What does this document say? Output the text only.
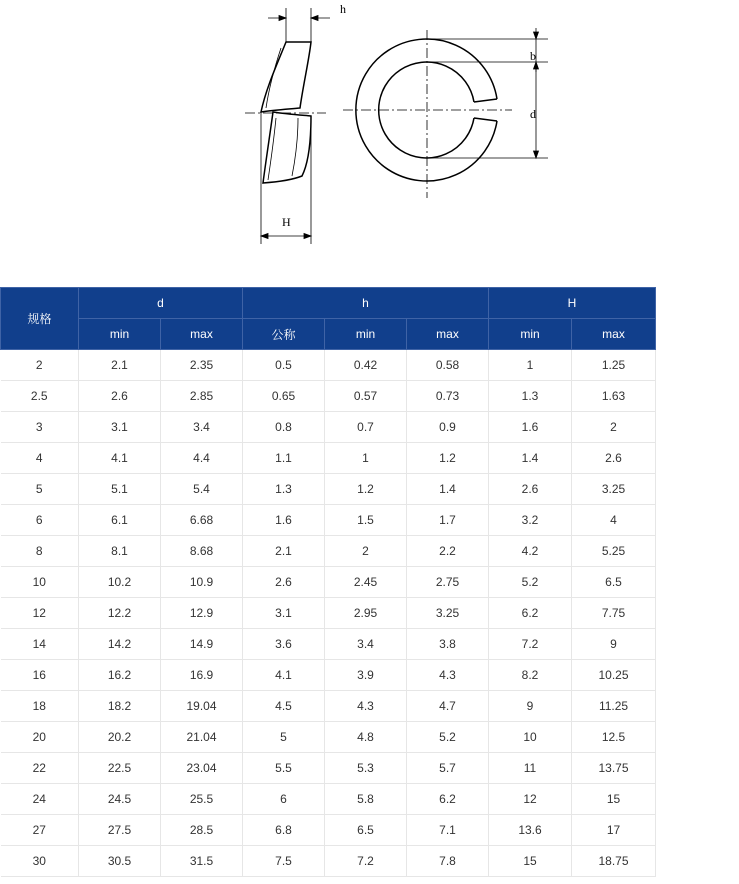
h
H
b
d
规格	d		h			H	
	min	max	公称	min	max	min	max
2	2.1	2.35	0.5	0.42	0.58	1	1.25
2.5	2.6	2.85	0.65	0.57	0.73	1.3	1.63
3	3.1	3.4	0.8	0.7	0.9	1.6	2
4	4.1	4.4	1.1	1	1.2	1.4	2.6
5	5.1	5.4	1.3	1.2	1.4	2.6	3.25
6	6.1	6.68	1.6	1.5	1.7	3.2	4
8	8.1	8.68	2.1	2	2.2	4.2	5.25
10	10.2	10.9	2.6	2.45	2.75	5.2	6.5
12	12.2	12.9	3.1	2.95	3.25	6.2	7.75
14	14.2	14.9	3.6	3.4	3.8	7.2	9
16	16.2	16.9	4.1	3.9	4.3	8.2	10.25
18	18.2	19.04	4.5	4.3	4.7	9	11.25
20	20.2	21.04	5	4.8	5.2	10	12.5
22	22.5	23.04	5.5	5.3	5.7	11	13.75
24	24.5	25.5	6	5.8	6.2	12	15
27	27.5	28.5	6.8	6.5	7.1	13.6	17
30	30.5	31.5	7.5	7.2	7.8	15	18.75
